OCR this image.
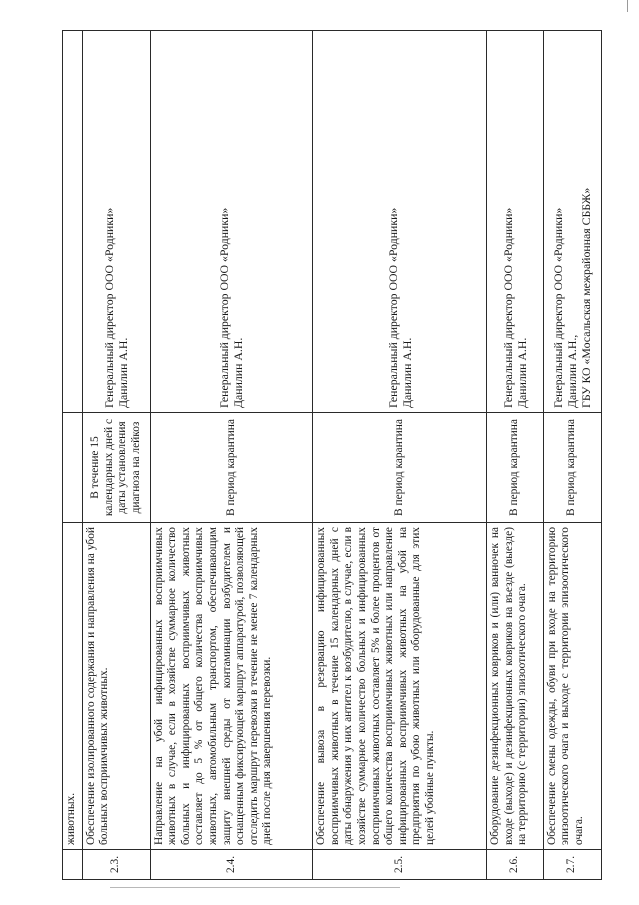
	животных.		
2.3.	Обеспечение изолированного содержания и направления на убой больных восприимчивых животных.	В течение 15 календарных дней с даты установления диагноза на лейкоз	Генеральный директор ООО «Родники» Данилин А.Н.

2.4.	Направление на убой инфицированных восприимчивых животных в случае, если в хозяйстве суммарное количество больных и инфицированных восприимчивых животных составляет до 5 % от общего количества восприимчивых животных, автомобильным транспортом, обеспечивающим защиту внешней среды от контаминации возбудителем и оснащенным фиксирующей маршрут аппаратурой, позволяющей отследить маршрут перевозки в течение не менее 7 календарных дней после дня завершения перевозки.	В период карантина	Генеральный директор ООО «Родники» Данилин А.Н.

2.5.	Обеспечение вывоза в резервацию инфицированных восприимчивых животных в течение 15 календарных дней с даты обнаружения у них антител к возбудителю, в случае, если в хозяйстве суммарное количество больных и инфицированных восприимчивых животных составляет 5% и более процентов от общего количества восприимчивых животных или направление инфицированных восприимчивых животных на убой на предприятия по убою животных или оборудованные для этих целей убойные пункты.	В период карантина	Генеральный директор ООО «Родники» Данилин А.Н.

2.6.	Оборудование дезинфекционных ковриков и (или) ванночек на входе (выходе) и дезинфекционных ковриков на въезде (выезде) на территорию (с территории) эпизоотического очага.	В период карантина	Генеральный директор ООО «Родники» Данилин А.Н.

2.7.	Обеспечение смены одежды, обуви при входе на территорию эпизоотического очага и выходе с территории эпизоотического очага.	В период карантина	Генеральный директор ООО «Родники» Данилин А.Н., ГБУ КО «Мосальская межрайонная СББЖ»
